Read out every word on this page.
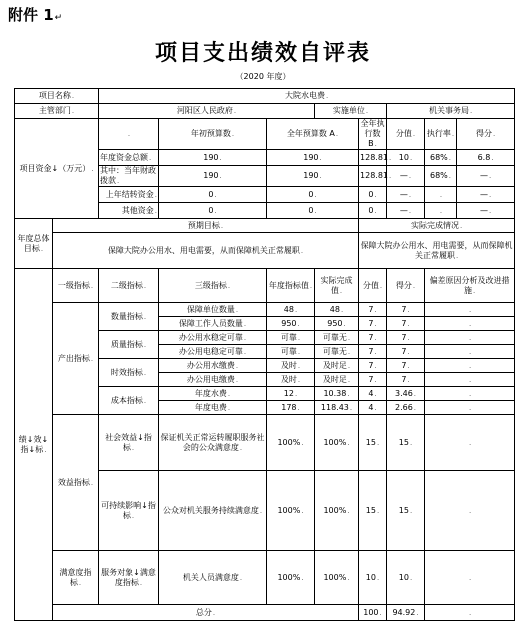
附件 1↵
项目支出绩效自评表
（2020 年度）
项目名称.		大院水电费.							
主管部门.		河阳区人民政府.			实施单位.		机关事务局.		
项目资金↓（万元）.		.	年初预算数.	全年预算数 A.		全年执行数 B.	分值.	执行率.	得分.
		年度资金总额.	190.	190.		128.81.	10.	68%.	6.8.
		其中：当年财政拨款.	190.	190.		128.81.	—.	68%.	—.
		上年结转资金.	0.	0.		0.	—.	.	—.
		其他资金.	0.	0.		0.	—.	.	—.
年度总体目标.	预期目标.					实际完成情况.			
	保障大院办公用水、用电需要，从而保障机关正常履职.					保障大院办公用水、用电需要，从而保障机关正常履职.			
绩↓效↓指↓标.	一级指标.	二级指标.	三级指标.	年度指标值.	实际完成值.	分值.	得分.	偏差原因分析及改进措施.	
	产出指标.	数量指标.	保障单位数量.	48.	48.	7.	7.	.	
			保障工作人员数量.	950.	950.	7.	7.	.	
		质量指标.	办公用水稳定可靠.	可靠.	可靠无.	7.	7.	.	
			办公用电稳定可靠.	可靠.	可靠无.	7.	7.	.	
		时效指标.	办公用水缴费.	及时.	及时足.	7.	7.	.	
			办公用电缴费.	及时.	及时足.	7.	7.	.	
		成本指标.	年度水费.	12.	10.38.	4.	3.46.	.	
			年度电费.	178.	118.43.	4.	2.66.	.	
	效益指标.	社会效益↓指标.	保证机关正常运转履职服务社会的公众满意度.	100%.	100%.	15.	15.	.	
		可持续影响↓指标.	公众对机关服务持续满意度.	100%.	100%.	15.	15.	.	
	满意度指标.	服务对象↓满意度指标.	机关人员满意度.	100%.	100%.	10.	10.	.	
	总分.					100.	94.92.	.	
